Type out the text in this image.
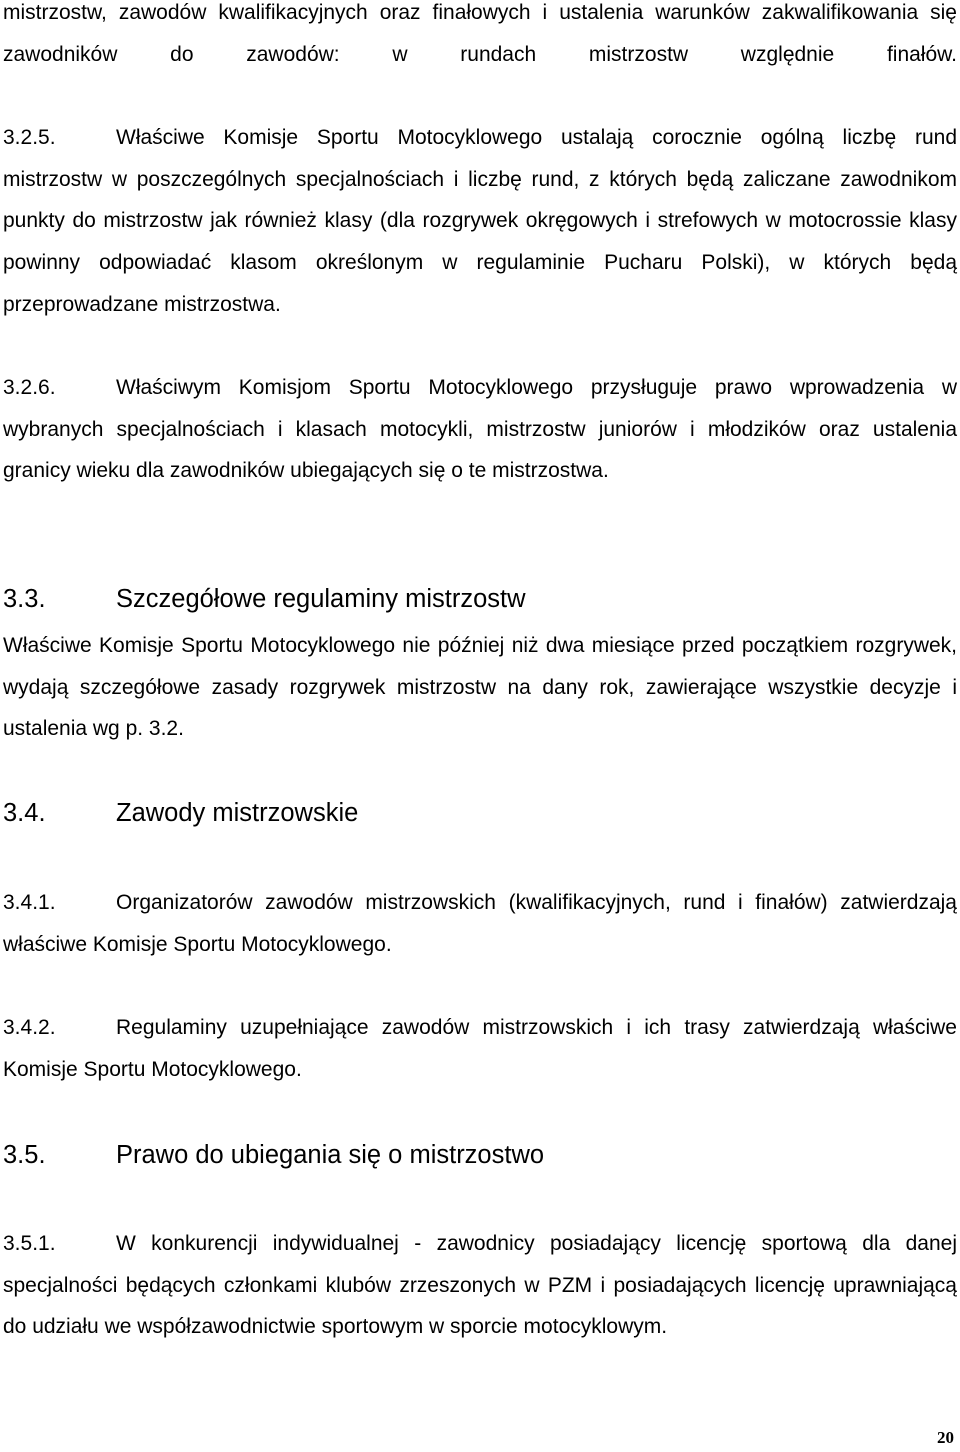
mistrzostw, zawodów kwalifikacyjnych oraz finałowych i ustalenia warunków zakwalifikowania się zawodników do zawodów: w rundach mistrzostw względnie finałów.
3.2.5.	Właściwe Komisje Sportu Motocyklowego ustalają corocznie ogólną liczbę rund mistrzostw w poszczególnych specjalnościach i liczbę rund, z których będą zaliczane zawodnikom punkty do mistrzostw jak również klasy (dla rozgrywek okręgowych i strefowych w motocrossie klasy powinny odpowiadać klasom określonym w regulaminie Pucharu Polski), w których będą przeprowadzane mistrzostwa.
3.2.6.	Właściwym Komisjom Sportu Motocyklowego przysługuje prawo wprowadzenia w wybranych specjalnościach i klasach motocykli, mistrzostw juniorów i młodzików oraz ustalenia granicy wieku dla zawodników ubiegających się o te mistrzostwa.
3.3.	Szczegółowe regulaminy mistrzostw
Właściwe Komisje Sportu Motocyklowego nie później niż dwa miesiące przed początkiem rozgrywek, wydają szczegółowe zasady rozgrywek mistrzostw na dany rok, zawierające wszystkie decyzje i ustalenia wg p. 3.2.
3.4.	Zawody mistrzowskie
3.4.1.	Organizatorów zawodów mistrzowskich (kwalifikacyjnych, rund i finałów) zatwierdzają właściwe Komisje Sportu Motocyklowego.
3.4.2.	Regulaminy uzupełniające zawodów mistrzowskich i ich trasy zatwierdzają właściwe Komisje Sportu Motocyklowego.
3.5.	Prawo do ubiegania się o mistrzostwo
3.5.1.	W konkurencji indywidualnej - zawodnicy posiadający licencję sportową dla danej specjalności będących członkami klubów zrzeszonych w PZM i posiadających licencję uprawniającą do udziału we współzawodnictwie sportowym w sporcie motocyklowym.
20
